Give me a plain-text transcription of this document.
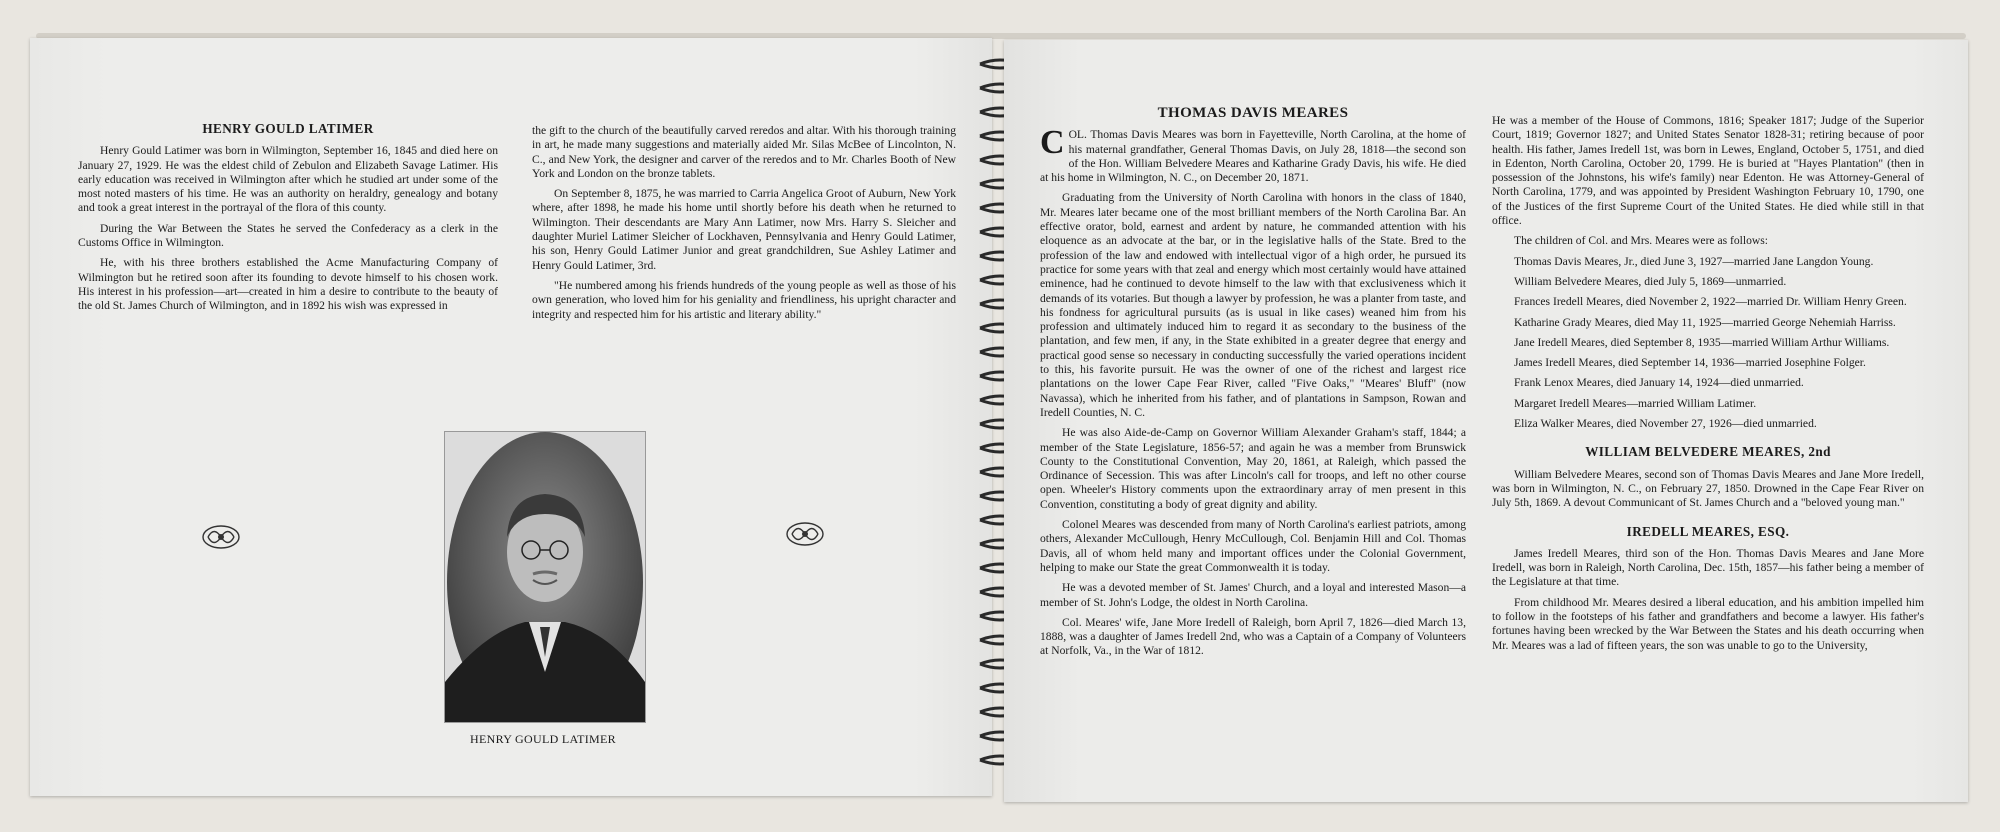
HENRY GOULD LATIMER

Henry Gould Latimer was born in Wilmington, September 16, 1845 and died here on January 27, 1929. He was the eldest child of Zebulon and Elizabeth Savage Latimer. His early education was received in Wilmington after which he studied art under some of the most noted masters of his time. He was an authority on heraldry, genealogy and botany and took a great interest in the portrayal of the flora of this county.

During the War Between the States he served the Confederacy as a clerk in the Customs Office in Wilmington.

He, with his three brothers established the Acme Manufacturing Company of Wilmington but he retired soon after its founding to devote himself to his chosen work. His interest in his profession—art—created in him a desire to contribute to the beauty of the old St. James Church of Wilmington, and in 1892 his wish was expressed in

the gift to the church of the beautifully carved reredos and altar. With his thorough training in art, he made many suggestions and materially aided Mr. Silas McBee of Lincolnton, N. C., and New York, the designer and carver of the reredos and to Mr. Charles Booth of New York and London on the bronze tablets.

On September 8, 1875, he was married to Carria Angelica Groot of Auburn, New York where, after 1898, he made his home until shortly before his death when he returned to Wilmington. Their descendants are Mary Ann Latimer, now Mrs. Harry S. Sleicher and daughter Muriel Latimer Sleicher of Lockhaven, Pennsylvania and Henry Gould Latimer, his son, Henry Gould Latimer Junior and great grandchildren, Sue Ashley Latimer and Henry Gould Latimer, 3rd.

"He numbered among his friends hundreds of the young people as well as those of his own generation, who loved him for his geniality and friendliness, his upright character and integrity and respected him for his artistic and literary ability."

HENRY GOULD LATIMER
THOMAS DAVIS MEARES

COL. Thomas Davis Meares was born in Fayetteville, North Carolina, at the home of his maternal grandfather, General Thomas Davis, on July 28, 1818—the second son of the Hon. William Belvedere Meares and Katharine Grady Davis, his wife. He died at his home in Wilmington, N. C., on December 20, 1871.

Graduating from the University of North Carolina with honors in the class of 1840, Mr. Meares later became one of the most brilliant members of the North Carolina Bar. An effective orator, bold, earnest and ardent by nature, he commanded attention with his eloquence as an advocate at the bar, or in the legislative halls of the State. Bred to the profession of the law and endowed with intellectual vigor of a high order, he pursued its practice for some years with that zeal and energy which most certainly would have attained eminence, had he continued to devote himself to the law with that exclusiveness which it demands of its votaries. But though a lawyer by profession, he was a planter from taste, and his fondness for agricultural pursuits (as is usual in like cases) weaned him from his profession and ultimately induced him to regard it as secondary to the business of the plantation, and few men, if any, in the State exhibited in a greater degree that energy and practical good sense so necessary in conducting successfully the varied operations incident to this, his favorite pursuit. He was the owner of one of the richest and largest rice plantations on the lower Cape Fear River, called "Five Oaks," "Meares' Bluff" (now Navassa), which he inherited from his father, and of plantations in Sampson, Rowan and Iredell Counties, N. C.

He was also Aide-de-Camp on Governor William Alexander Graham's staff, 1844; a member of the State Legislature, 1856-57; and again he was a member from Brunswick County to the Constitutional Convention, May 20, 1861, at Raleigh, which passed the Ordinance of Secession. This was after Lincoln's call for troops, and left no other course open. Wheeler's History comments upon the extraordinary array of men present in this Convention, constituting a body of great dignity and ability.

Colonel Meares was descended from many of North Carolina's earliest patriots, among others, Alexander McCullough, Henry McCullough, Col. Benjamin Hill and Col. Thomas Davis, all of whom held many and important offices under the Colonial Government, helping to make our State the great Commonwealth it is today.

He was a devoted member of St. James' Church, and a loyal and interested Mason—a member of St. John's Lodge, the oldest in North Carolina.

Col. Meares' wife, Jane More Iredell of Raleigh, born April 7, 1826—died March 13, 1888, was a daughter of James Iredell 2nd, who was a Captain of a Company of Volunteers at Norfolk, Va., in the War of 1812.

He was a member of the House of Commons, 1816; Speaker 1817; Judge of the Superior Court, 1819; Governor 1827; and United States Senator 1828-31; retiring because of poor health. His father, James Iredell 1st, was born in Lewes, England, October 5, 1751, and died in Edenton, North Carolina, October 20, 1799. He is buried at "Hayes Plantation" (then in possession of the Johnstons, his wife's family) near Edenton. He was Attorney-General of North Carolina, 1779, and was appointed by President Washington February 10, 1790, one of the Justices of the first Supreme Court of the United States. He died while still in that office.

The children of Col. and Mrs. Meares were as follows:

Thomas Davis Meares, Jr., died June 3, 1927—married Jane Langdon Young.

William Belvedere Meares, died July 5, 1869—unmarried.

Frances Iredell Meares, died November 2, 1922—married Dr. William Henry Green.

Katharine Grady Meares, died May 11, 1925—married George Nehemiah Harriss.

Jane Iredell Meares, died September 8, 1935—married William Arthur Williams.

James Iredell Meares, died September 14, 1936—married Josephine Folger.

Frank Lenox Meares, died January 14, 1924—died unmarried.

Margaret Iredell Meares—married William Latimer.

Eliza Walker Meares, died November 27, 1926—died unmarried.

WILLIAM BELVEDERE MEARES, 2nd

William Belvedere Meares, second son of Thomas Davis Meares and Jane More Iredell, was born in Wilmington, N. C., on February 27, 1850. Drowned in the Cape Fear River on July 5th, 1869. A devout Communicant of St. James Church and a "beloved young man."

IREDELL MEARES, ESQ.

James Iredell Meares, third son of the Hon. Thomas Davis Meares and Jane More Iredell, was born in Raleigh, North Carolina, Dec. 15th, 1857—his father being a member of the Legislature at that time.

From childhood Mr. Meares desired a liberal education, and his ambition impelled him to follow in the footsteps of his father and grandfathers and become a lawyer. His father's fortunes having been wrecked by the War Between the States and his death occurring when Mr. Meares was a lad of fifteen years, the son was unable to go to the University,
